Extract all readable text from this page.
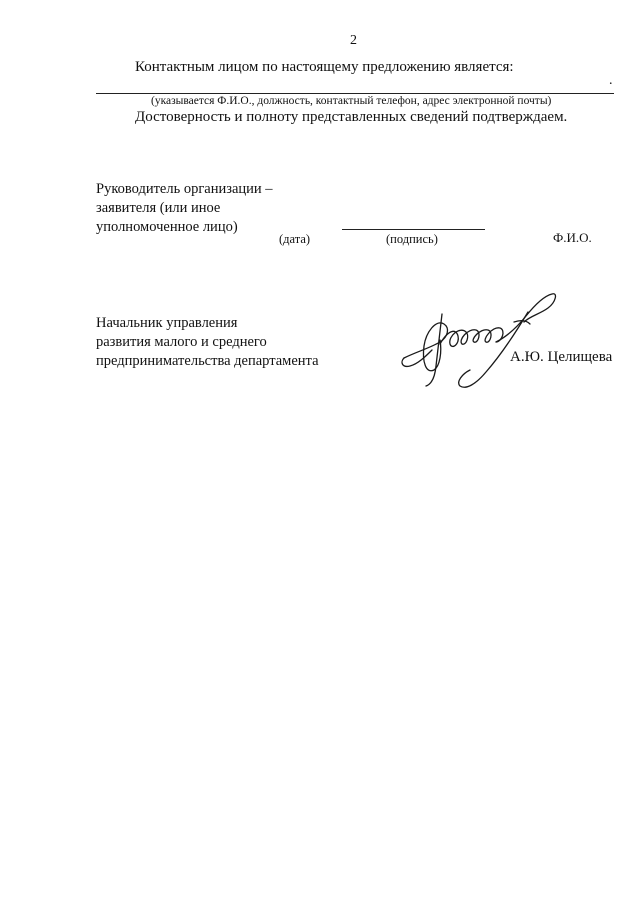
2
Контактным лицом по настоящему предложению является:
.
(указывается Ф.И.О., должность, контактный телефон, адрес электронной почты)
Достоверность и полноту представленных сведений подтверждаем.
Руководитель организации –
заявителя (или иное
уполномоченное лицо)
(дата)	(подпись)	Ф.И.О.
Начальник управления
развития малого и среднего
предпринимательства департамента	А.Ю. Целищева
